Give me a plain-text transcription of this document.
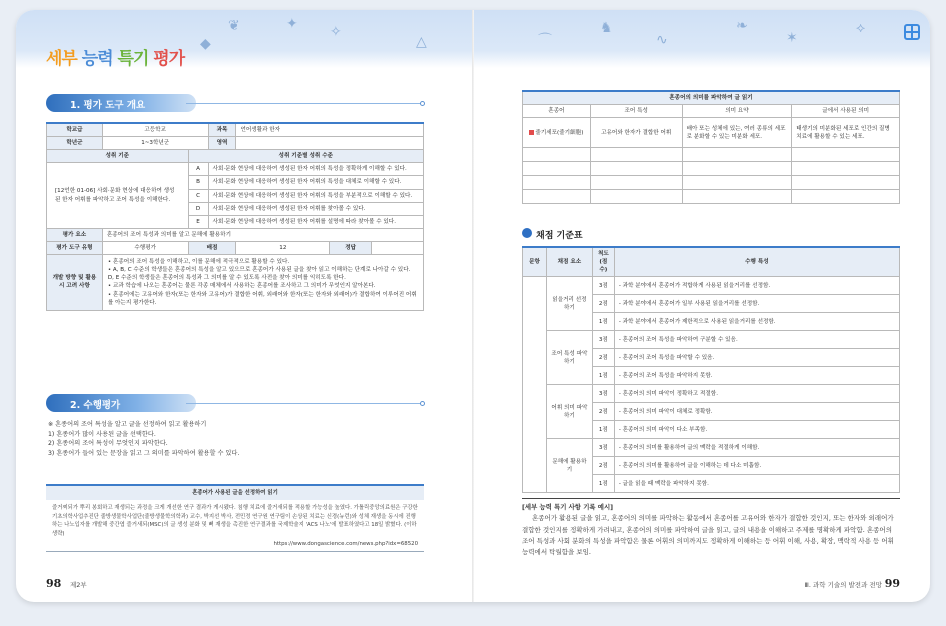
❦	✦
◆
✧
△	⌒
♞
∿
❧
✶
⟡
세부 능력 특기 평가
1. 평가 도구 개요
학교급	고등학교		과목	언어생활과 한자		
학년군	1~3학년군		영역			
성취 기준		성취 기준별 성취 수준				
[12언한 01-06] 사회·문화 현상에 대응하여 생성된 한자 어휘를 파악하고 조어 특성을 이해한다.		A	사회·문화 현상에 대응하여 생성된 한자 어휘의 특성을 정확하게 이해할 수 있다.			
		B	사회·문화 현상에 대응하여 생성된 한자 어휘의 특성을 대체로 이해할 수 있다.			
		C	사회·문화 현상에 대응하여 생성된 한자 어휘의 특성을 부분적으로 이해할 수 있다.			
		D	사회·문화 현상에 대응하여 생성된 한자 어휘를 찾아볼 수 있다.			
		E	사회·문화 현상에 대응하여 생성된 한자 어휘를 설명에 따라 찾아볼 수 있다.			
평가 요소	혼종어의 조어 특성과 의미를 알고 문해에 활용하기					
평가 도구 유형	수행평가	배점		12	정답	
개발 방향 및 활용 시 고려 사항	• 혼종어의 조어 특성을 이해하고, 이를 문해에 적극적으로 활용할 수 있다.
• A, B, C 수준의 학생들은 혼종어의 특성을 알고 있으므로 혼종어가 사용된 글을 찾아 읽고 이해하는 단계로 나아갈 수 있다. D, E 수준의 학생들은 혼종어의 특성과 그 의미를 알 수 있도록 사전을 찾아 의미를 익히도록 한다.
• 교과 학습에 나오는 혼종어는 물론 각종 매체에서 사용하는 혼종어를 조사하고 그 의미가 무엇인지 알아본다.
• 혼종어에는 고유어와 한자(또는 한자와 고유어)가 결합한 어휘, 외래어와 한자(또는 한자와 외래어)가 결합하여 이루어진 어휘를 아는지 평가한다.					
2. 수행평가
※ 혼종어의 조어 특성을 알고 글을 선정하여 읽고 활용하기
1) 혼종어가 많이 사용된 글을 선택한다.
2) 혼종어의 조어 특성이 무엇인지 파악한다.
3) 혼종어가 들어 있는 문장을 읽고 그 의미를 파악하여 활용할 수 있다.
혼종어가 사용된 글을 선정하여 읽기
즐거찌되가 뿌리 봉회하고 재생되는 과정을 크게 개선한 연구 결과가 게시됐다. 침행 치료에 즐거새되를 적용할 가능성을 높였다. 가톨릭중앙의료원은 구강한 기초의학사업추진단 줄방생물학사업단(줄방생물학의학과) 교수, 박지선 박사, 전민정 연구원 연구팀이 손상된 치료는 신경(뉴런)와 성체 재생을 동시에 진행하는 나노입자를 개발해 중간엽 즐거새되(MSC)의 글 생성 분화 및 뼈 재생을 촉진한 연구결과를 국제학술지 'ACS 나노'에 발표하였다고 18일 밝혔다. (이하 생략)
https://www.dongascience.com/news.php?idx=68520
98 제2부
혼종어의 의미를 파악하여 글 읽기			
혼종어	조어 특성	의미 요약	글에서 사용된 의미
줄기세포(줄기細胞)	고유어와 한자가 결합한 어휘	배아 또는 성체에 있는, 여러 종류의 세포로 분화할 수 있는 미분화 세포.	태생기의 미분화된 세포로 인간의 질병 치료에 활용할 수 있는 세포.

채점 기준표
문항	채점 요소	척도(점수)	수행 특성
	읽을거리 선정하기	3점	- 과학 분야에서 혼종어가 적합하게 사용된 읽을거리를 선정함.
		2점	- 과학 분야에서 혼종어가 일부 사용된 읽을거리를 선정함.
		1점	- 과학 분야에서 혼종어가 제한적으로 사용된 읽을거리를 선정함.
	조어 특성 파악하기	3점	- 혼종어의 조어 특성을 파악하여 구분할 수 있음.
		2점	- 혼종어의 조어 특성을 파악할 수 있음.
		1점	- 혼종어의 조어 특성을 파악하지 못함.
	어휘 의미 파악하기	3점	- 혼종어의 의미 파악이 정확하고 적절함.
		2점	- 혼종어의 의미 파악이 대체로 정확함.
		1점	- 혼종어의 의미 파악이 다소 부족함.
	문해에 활용하기	3점	- 혼종어의 의미를 활용하여 글의 맥락을 적절하게 이해함.
		2점	- 혼종어의 의미를 활용하여 글을 이해하는 데 다소 미흡함.
		1점	- 글을 읽을 때 맥락을 파악하지 못함.
[세부 능력 특기 사항 기록 예시]
혼종어가 활용된 글을 읽고, 혼종어의 의미를 파악하는 활동에서 혼종어를 고유어와 한자가 결합한 것인지, 또는 한자와 외래어가 결합한 것인지를 정확하게 가려내고, 혼종어의 의미를 파악하여 글을 읽고, 글의 내용을 이해하고 주제를 명확하게 파악함. 혼종어의 조어 특성과 사회 분화의 특성을 파악함은 물론 어휘의 의미까지도 정확하게 이해하는 등 어휘 이해, 사용, 확장, 맥락적 사용 등 어휘 능력에서 탁월함을 보임.
Ⅲ. 과학 기술의 발전과 전망 99
